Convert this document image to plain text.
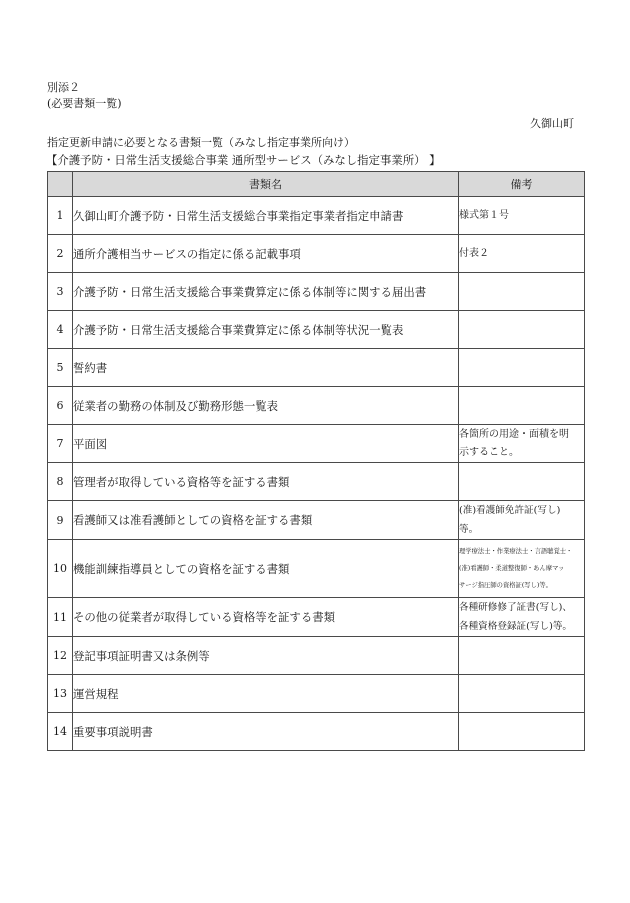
別添２
(必要書類一覧)
久御山町
指定更新申請に必要となる書類一覧（みなし指定事業所向け）
【介護予防・日常生活支援総合事業 通所型サービス（みなし指定事業所） 】
	書類名	備考
1	久御山町介護予防・日常生活支援総合事業指定事業者指定申請書	様式第１号

2	通所介護相当サービスの指定に係る記載事項	付表２

3	介護予防・日常生活支援総合事業費算定に係る体制等に関する届出書	
4	介護予防・日常生活支援総合事業費算定に係る体制等状況一覧表	
5	誓約書	
6	従業者の勤務の体制及び勤務形態一覧表	
7	平面図	各箇所の用途・面積を明
示すること。

8	管理者が取得している資格等を証する書類	
9	看護師又は准看護師としての資格を証する書類	(准)看護師免許証(写し)
等。

10	機能訓練指導員としての資格を証する書類	理学療法士・作業療法士・言語聴覚士・
(准)看護師・柔道整復師・あん摩マッ
サージ指圧師の資格証(写し)等。

11	その他の従業者が取得している資格等を証する書類	各種研修修了証書(写し)、
各種資格登録証(写し)等。

12	登記事項証明書又は条例等	
13	運営規程	
14	重要事項説明書	
